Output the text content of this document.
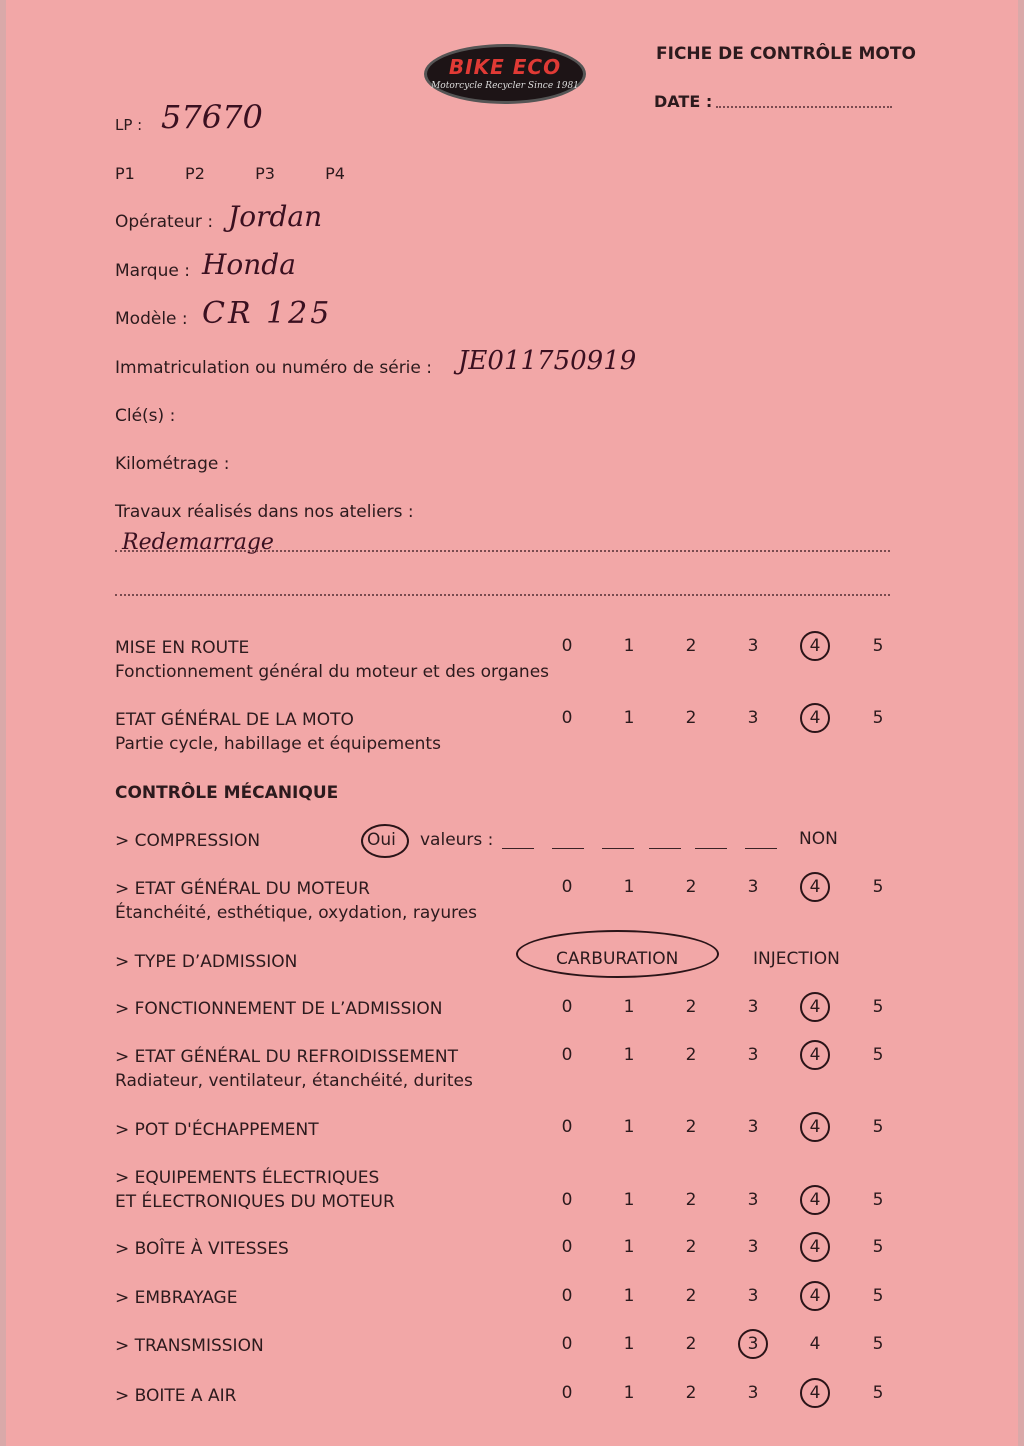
BIKE ECO
Motorcycle Recycler Since 1981
FICHE DE CONTRÔLE MOTO
DATE :
LP : 57670
P1	P2	P3	P4
Opérateur : Jordan
Marque : Honda
Modèle : CR 125
Immatriculation ou numéro de série : JE011750919
Clé(s) :
Kilométrage :
Travaux réalisés dans nos ateliers :
Redemarrage
MISE EN ROUTE
Fonctionnement général du moteur et des organes
0	1	2	3	4	5
ETAT GÉNÉRAL DE LA MOTO
Partie cycle, habillage et équipements
0	1	2	3	4	5
CONTRÔLE MÉCANIQUE
> COMPRESSION	Oui valeurs :	NON
> ETAT GÉNÉRAL DU MOTEUR
Étanchéité, esthétique, oxydation, rayures
0	1	2	3	4	5
> TYPE D’ADMISSION	CARBURATION	INJECTION
> FONCTIONNEMENT DE L’ADMISSION	0	1	2	3	4	5
> ETAT GÉNÉRAL DU REFROIDISSEMENT
Radiateur, ventilateur, étanchéité, durites
0	1	2	3	4	5
> POT D'ÉCHAPPEMENT	0	1	2	3	4	5
> EQUIPEMENTS ÉLECTRIQUES
ET ÉLECTRONIQUES DU MOTEUR	0	1	2	3	4	5
> BOÎTE À VITESSES	0	1	2	3	4	5
> EMBRAYAGE	0	1	2	3	4	5
> TRANSMISSION	0	1	2	3	4	5
> BOITE A AIR	0	1	2	3	4	5
